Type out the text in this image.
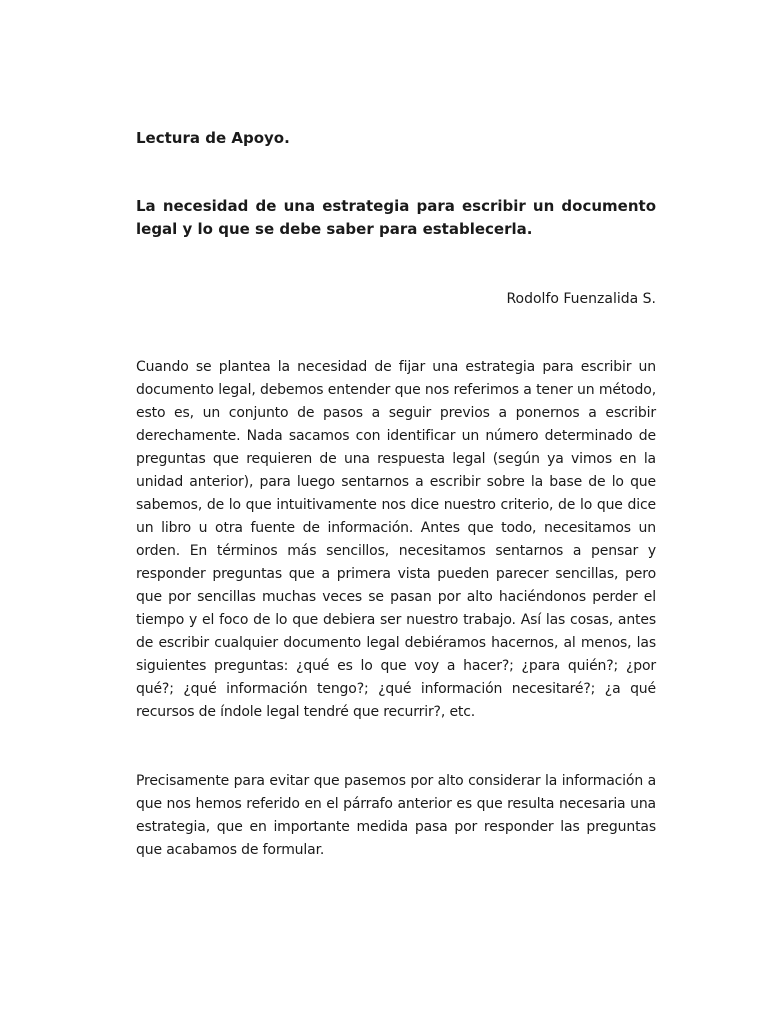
Lectura de Apoyo.

La necesidad de una estrategia para escribir un documento legal y lo que se debe saber para establecerla.

Rodolfo Fuenzalida S.

Cuando se plantea la necesidad de fijar una estrategia para escribir un documento legal, debemos entender que nos referimos a tener un método, esto es, un conjunto de pasos a seguir previos a ponernos a escribir derechamente. Nada sacamos con identificar un número determinado de preguntas que requieren de una respuesta legal (según ya vimos en la unidad anterior), para luego sentarnos a escribir sobre la base de lo que sabemos, de lo que intuitivamente nos dice nuestro criterio, de lo que dice un libro u otra fuente de información. Antes que todo, necesitamos un orden. En términos más sencillos, necesitamos sentarnos a pensar y responder preguntas que a primera vista pueden parecer sencillas, pero que por sencillas muchas veces se pasan por alto haciéndonos perder el tiempo y el foco de lo que debiera ser nuestro trabajo. Así las cosas, antes de escribir cualquier documento legal debiéramos hacernos, al menos, las siguientes preguntas: ¿qué es lo que voy a hacer?; ¿para quién?; ¿por qué?; ¿qué información tengo?; ¿qué información necesitaré?; ¿a qué recursos de índole legal tendré que recurrir?, etc.

Precisamente para evitar que pasemos por alto considerar la información a que nos hemos referido en el párrafo anterior es que resulta necesaria una estrategia, que en importante medida pasa por responder las preguntas que acabamos de formular.
